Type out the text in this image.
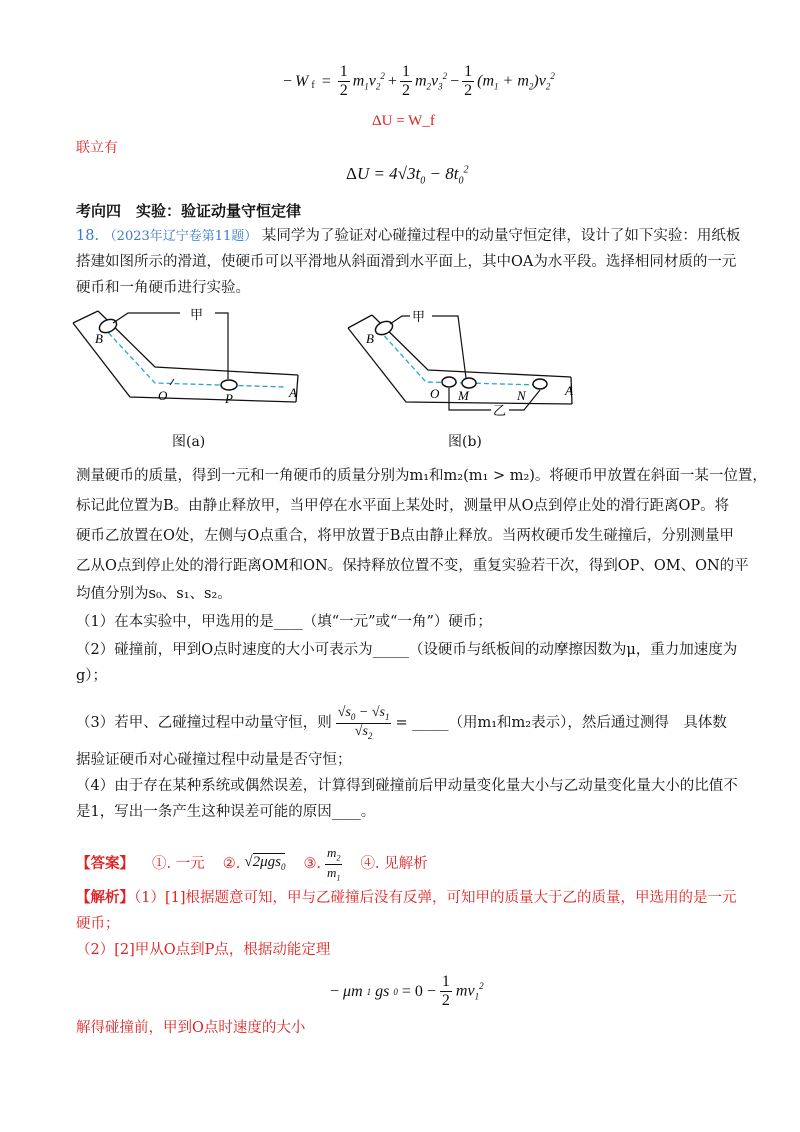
− W $f = \frac{1}{2} m_1v_2^2 + \frac{1}{2} m_2v_3^2 - \frac{1}{2} (m_1 + m_2)v_2^2$
ΔU = W_f
联立有
$\Delta U = 4√3t_0 - 8t_0^2$
考向四　实验：验证动量守恒定律
18. （2023年辽宁卷第11题） 某同学为了验证对心碰撞过程中的动量守恒定律，设计了如下实验：用纸板
搭建如图所示的滑道，使硬币可以平滑地从斜面滑到水平面上，其中OA为水平段。选择相同材质的一元
硬币和一角硬币进行实验。
甲
B
O	P	A
图(a)
甲
乙
B
O M	N	A
图(b)
测量硬币的质量，得到一元和一角硬币的质量分别为m₁和m₂(m₁ > m₂)。将硬币甲放置在斜面一某一位置，
标记此位置为B。由静止释放甲，当甲停在水平面上某处时，测量甲从O点到停止处的滑行距离OP。将
硬币乙放置在O处，左侧与O点重合，将甲放置于B点由静止释放。当两枚硬币发生碰撞后，分别测量甲
乙从O点到停止处的滑行距离OM和ON。保持释放位置不变，重复实验若干次，得到OP、OM、ON的平
均值分别为s₀、s₁、s₂。
（1）在本实验中，甲选用的是____（填“一元”或“一角”）硬币；
（2）碰撞前，甲到O点时速度的大小可表示为_____（设硬币与纸板间的动摩擦因数为μ，重力加速度为
g）；
（3）若甲、乙碰撞过程中动量守恒，则 $\frac{√s_0 - √s_1}{√s_2}$ = _____（用m₁和m₂表示），然后通过测得　具体数
据验证硬币对心碰撞过程中动量是否守恒；
（4）由于存在某种系统或偶然误差，计算得到碰撞前后甲动量变化量大小与乙动量变化量大小的比值不
是1，写出一条产生这种误差可能的原因____。
【答案】 ①. 一元 ②. √2μgs$_0$ ③. $\frac{m_2}{m_1}$ ④. 见解析
【解析】（1）[1]根据题意可知，甲与乙碰撞后没有反弹，可知甲的质量大于乙的质量，甲选用的是一元
硬币；
（2）[2]甲从O点到P点，根据动能定理
− μm 1 gs $0 = 0 - \frac{1}{2} mv_1^2$
解得碰撞前，甲到O点时速度的大小
